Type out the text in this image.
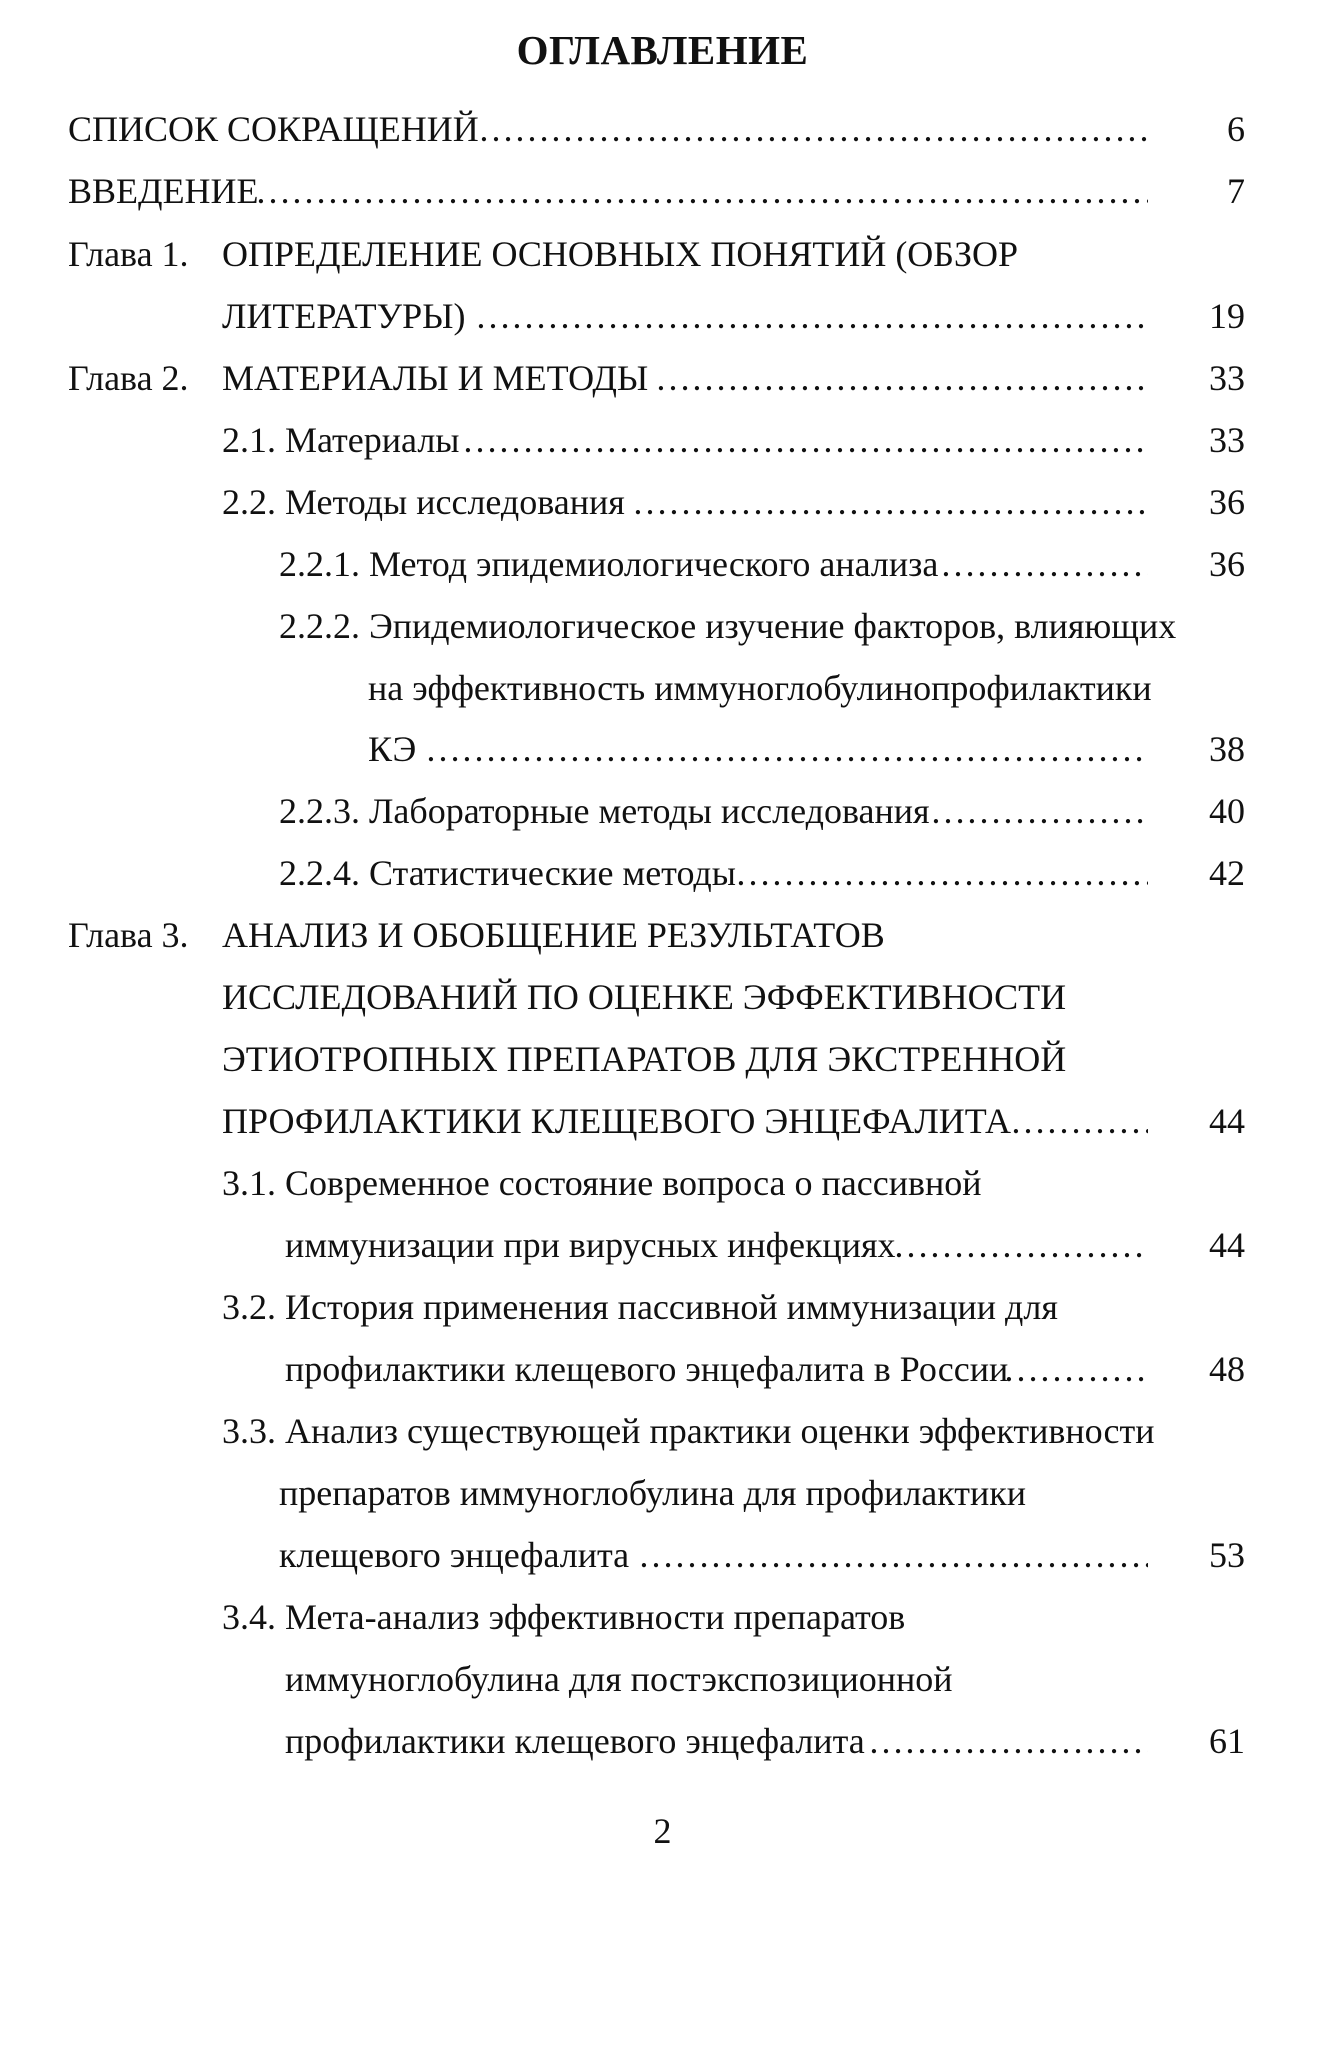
ОГЛАВЛЕНИЕ
СПИСОК СОКРАЩЕНИЙ …………………………………………………………………………………………………………………………………………………………………………………………………………………………	6
ВВЕДЕНИЕ …………………………………………………………………………………………………………………………………………………………………………………………………………………………	7
Глава 1. ОПРЕДЕЛЕНИЕ ОСНОВНЫХ ПОНЯТИЙ (ОБЗОР
ЛИТЕРАТУРЫ) …………………………………………………………………………………………………………………………………………………………………………………………………………………………	19
Глава 2. МАТЕРИАЛЫ И МЕТОДЫ …………………………………………………………………………………………………………………………………………………………………………………………………………………………	33
2.1. Материалы …………………………………………………………………………………………………………………………………………………………………………………………………………………………	33
2.2. Методы исследования …………………………………………………………………………………………………………………………………………………………………………………………………………………………	36
2.2.1. Метод эпидемиологического анализа …………………………………………………………………………………………………………………………………………………………………………………………………………………………	36
2.2.2. Эпидемиологическое изучение факторов, влияющих
на эффективность иммуноглобулинопрофилактики
КЭ …………………………………………………………………………………………………………………………………………………………………………………………………………………………	38
2.2.3. Лабораторные методы исследования …………………………………………………………………………………………………………………………………………………………………………………………………………………………	40
2.2.4. Статистические методы …………………………………………………………………………………………………………………………………………………………………………………………………………………………	42
Глава 3. АНАЛИЗ И ОБОБЩЕНИЕ РЕЗУЛЬТАТОВ
ИССЛЕДОВАНИЙ ПО ОЦЕНКЕ ЭФФЕКТИВНОСТИ
ЭТИОТРОПНЫХ ПРЕПАРАТОВ ДЛЯ ЭКСТРЕННОЙ
ПРОФИЛАКТИКИ КЛЕЩЕВОГО ЭНЦЕФАЛИТА …………………………………………………………………………………………………………………………………………………………………………………………………………………………	44
3.1. Современное состояние вопроса о пассивной
иммунизации при вирусных инфекциях …………………………………………………………………………………………………………………………………………………………………………………………………………………………	44
3.2. История применения пассивной иммунизации для
профилактики клещевого энцефалита в России …………………………………………………………………………………………………………………………………………………………………………………………………………………………	48
3.3. Анализ существующей практики оценки эффективности
препаратов иммуноглобулина для профилактики
клещевого энцефалита …………………………………………………………………………………………………………………………………………………………………………………………………………………………	53
3.4. Мета-анализ эффективности препаратов
иммуноглобулина для постэкспозиционной
профилактики клещевого энцефалита …………………………………………………………………………………………………………………………………………………………………………………………………………………………	61
2
